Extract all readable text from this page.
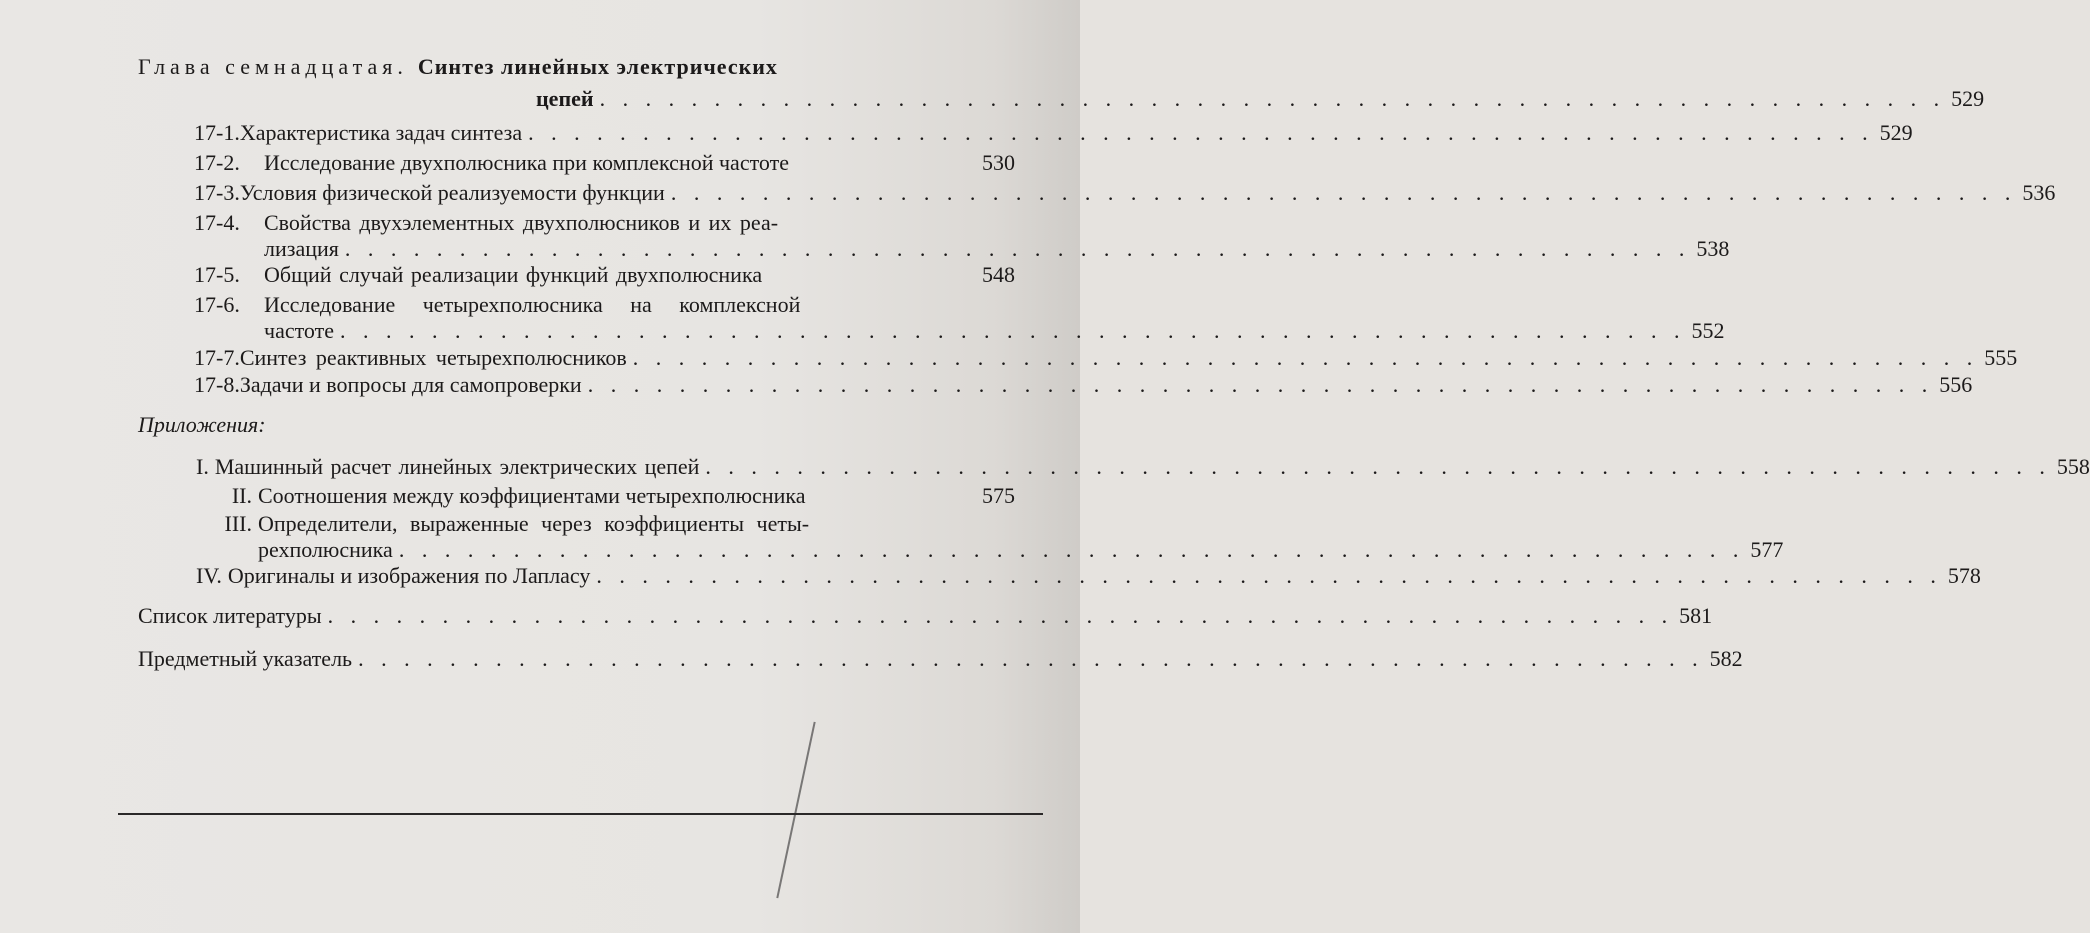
Глава семнадцатая. Синтез линейных электрических
цепей . . . . . . . . . . . . . . . . . . . . . . . . . . . . . . . . . . . . . . . . . . . . . . . . . . . . . . . . . . . 529
17-1. Характеристика задач синтеза . . . . . . . . . . . . . . . . . . . . . . . . . . . . . . . . . . . . . . . . . . . . . . . . . . . . . . . . . . . 529
17-2.	Исследование двухполюсника при комплексной частоте	530
17-3. Условия физической реализуемости функции . . . . . . . . . . . . . . . . . . . . . . . . . . . . . . . . . . . . . . . . . . . . . . . . . . . . . . . . . . . 536
17-4.	Свойства двухэлементных двухполюсников и их реа-
лизация . . . . . . . . . . . . . . . . . . . . . . . . . . . . . . . . . . . . . . . . . . . . . . . . . . . . . . . . . . . 538
17-5.	Общий случай реализации функций двухполюсника	548
17-6.	Исследование четырехполюсника на комплексной
частоте . . . . . . . . . . . . . . . . . . . . . . . . . . . . . . . . . . . . . . . . . . . . . . . . . . . . . . . . . . . 552
17-7. Синтез реактивных четырехполюсников . . . . . . . . . . . . . . . . . . . . . . . . . . . . . . . . . . . . . . . . . . . . . . . . . . . . . . . . . . . 555
17-8. Задачи и вопросы для самопроверки . . . . . . . . . . . . . . . . . . . . . . . . . . . . . . . . . . . . . . . . . . . . . . . . . . . . . . . . . . . 556
Приложения:
I. Машинный расчет линейных электрических цепей . . . . . . . . . . . . . . . . . . . . . . . . . . . . . . . . . . . . . . . . . . . . . . . . . . . . . . . . . . . 558
II. Соотношения между коэффициентами четырехполюсника	575
III. Определители, выраженные через коэффициенты четы-
рехполюсника . . . . . . . . . . . . . . . . . . . . . . . . . . . . . . . . . . . . . . . . . . . . . . . . . . . . . . . . . . . 577
IV. Оригиналы и изображения по Лапласу . . . . . . . . . . . . . . . . . . . . . . . . . . . . . . . . . . . . . . . . . . . . . . . . . . . . . . . . . . . 578
Список литературы . . . . . . . . . . . . . . . . . . . . . . . . . . . . . . . . . . . . . . . . . . . . . . . . . . . . . . . . . . . 581
Предметный указатель . . . . . . . . . . . . . . . . . . . . . . . . . . . . . . . . . . . . . . . . . . . . . . . . . . . . . . . . . . . 582
